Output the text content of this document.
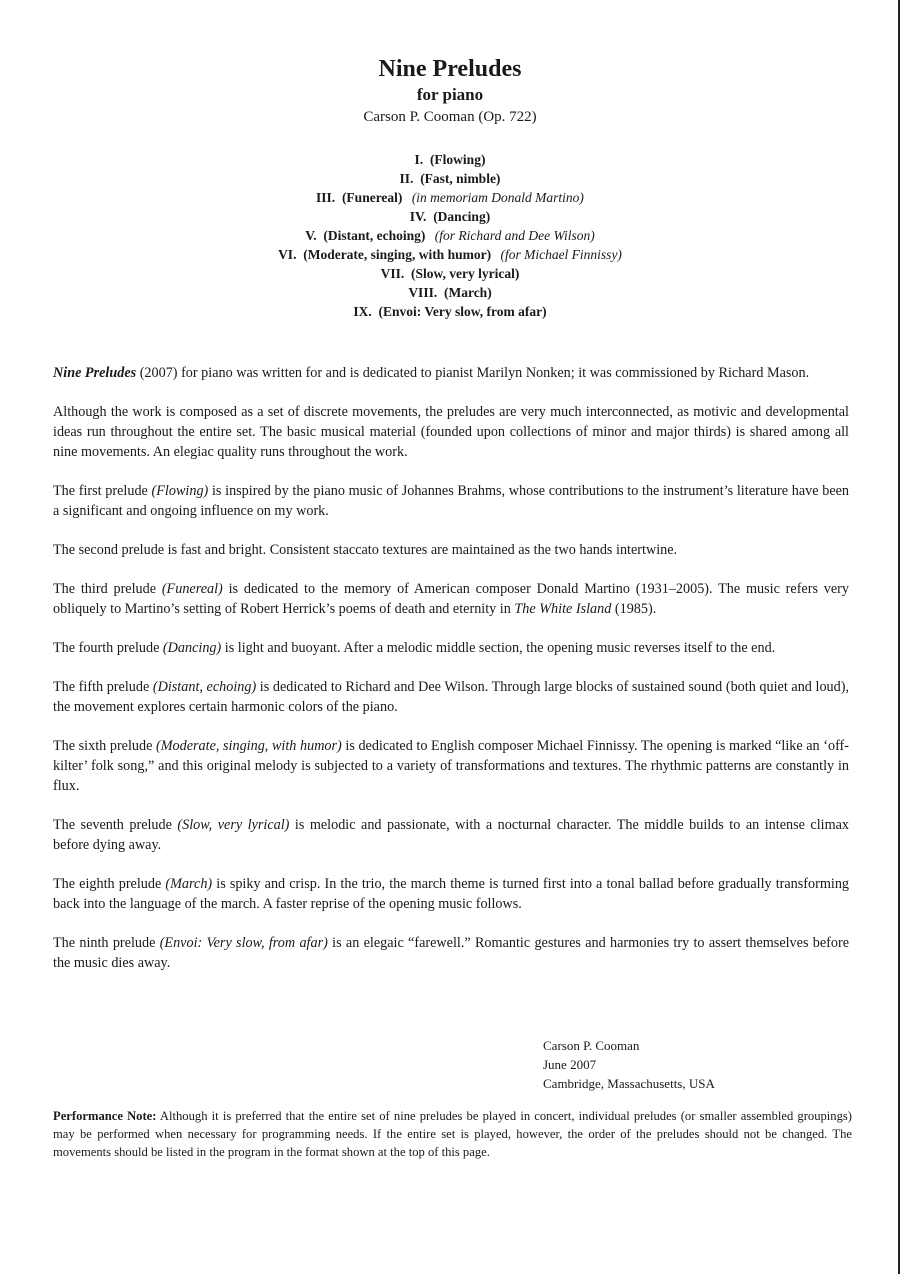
Nine Preludes
for piano
Carson P. Cooman (Op. 722)
I. (Flowing)
II. (Fast, nimble)
III. (Funereal) (in memoriam Donald Martino)
IV. (Dancing)
V. (Distant, echoing) (for Richard and Dee Wilson)
VI. (Moderate, singing, with humor) (for Michael Finnissy)
VII. (Slow, very lyrical)
VIII. (March)
IX. (Envoi: Very slow, from afar)

Nine Preludes (2007) for piano was written for and is dedicated to pianist Marilyn Nonken; it was commissioned by Richard Mason.

Although the work is composed as a set of discrete movements, the preludes are very much interconnected, as motivic and developmental ideas run throughout the entire set. The basic musical material (founded upon collections of minor and major thirds) is shared among all nine movements. An elegiac quality runs throughout the work.

The first prelude (Flowing) is inspired by the piano music of Johannes Brahms, whose contributions to the instrument’s literature have been a significant and ongoing influence on my work.

The second prelude is fast and bright. Consistent staccato textures are maintained as the two hands intertwine.

The third prelude (Funereal) is dedicated to the memory of American composer Donald Martino (1931–2005). The music refers very obliquely to Martino’s setting of Robert Herrick’s poems of death and eternity in The White Island (1985).

The fourth prelude (Dancing) is light and buoyant. After a melodic middle section, the opening music reverses itself to the end.

The fifth prelude (Distant, echoing) is dedicated to Richard and Dee Wilson. Through large blocks of sustained sound (both quiet and loud), the movement explores certain harmonic colors of the piano.

The sixth prelude (Moderate, singing, with humor) is dedicated to English composer Michael Finnissy. The opening is marked “like an ‘off-kilter’ folk song,” and this original melody is subjected to a variety of transformations and textures. The rhythmic patterns are constantly in flux.

The seventh prelude (Slow, very lyrical) is melodic and passionate, with a nocturnal character. The middle builds to an intense climax before dying away.

The eighth prelude (March) is spiky and crisp. In the trio, the march theme is turned first into a tonal ballad before gradually transforming back into the language of the march. A faster reprise of the opening music follows.

The ninth prelude (Envoi: Very slow, from afar) is an elegaic “farewell.” Romantic gestures and harmonies try to assert themselves before the music dies away.

Carson P. Cooman
June 2007
Cambridge, Massachusetts, USA
Performance Note: Although it is preferred that the entire set of nine preludes be played in concert, individual preludes (or smaller assembled groupings) may be performed when necessary for programming needs. If the entire set is played, however, the order of the preludes should not be changed. The movements should be listed in the program in the format shown at the top of this page.
